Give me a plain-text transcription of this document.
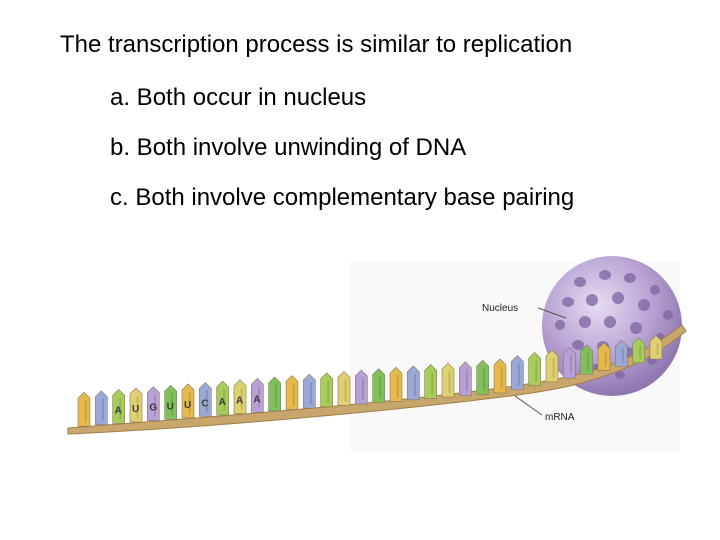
The transcription process is similar to replication
a. Both occur in nucleus
b. Both involve unwinding of DNA
c. Both involve complementary base pairing
A U G U U C A A A
Nucleus
mRNA
